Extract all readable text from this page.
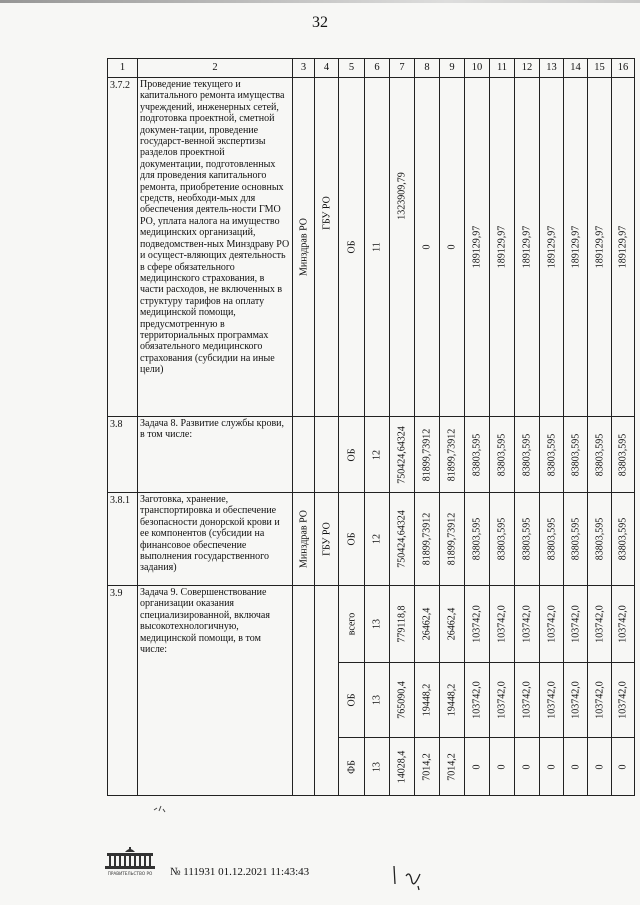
32
1	2	3	4	5	6	7	8	9	10	11	12	13	14	15	16
3.7.2	Проведение текущего и капитального ремонта имущества учреждений, инженерных сетей, подготовка проектной, сметной докумен-тации, проведение государст-венной экспертизы разделов проектной документации, подготовленных для проведения капитального ремонта, приобретение основных средств, необходи-мых для обеспечения деятель-ности ГМО РО, уплата налога на имущество медицинских организаций, подведомствен-ных Минздраву РО и осущест-вляющих деятельность в сфере обязательного медицинского страхования, в части расходов, не включенных в структуру тарифов на оплату медицинской помощи, предусмотренную в территориальных программах обязательного медицинского страхования (субсидии на иные цели)	Минздрав РО	ГБУ РО	ОБ	11	1323909,79	0	0	189129,97	189129,97	189129,97	189129,97	189129,97	189129,97	189129,97

3.8	Задача 8. Развитие службы крови, в том числе:			ОБ	12	750424,64324	81899,73912	81899,73912	83803,595	83803,595	83803,595	83803,595	83803,595	83803,595	83803,595

3.8.1	Заготовка, хранение, транспортировка и обеспечение безопасности донорской крови и ее компонентов (субсидии на финансовое обеспечение выполнения государственного задания)	Минздрав РО	ГБУ РО	ОБ	12	750424,64324	81899,73912	81899,73912	83803,595	83803,595	83803,595	83803,595	83803,595	83803,595	83803,595

3.9	Задача 9. Совершенствование организации оказания специализированной, включая высокотехнологичную, медицинской помощи, в том числе:			всего	13	779118,8	26462,4	26462,4	103742,0	103742,0	103742,0	103742,0	103742,0	103742,0	103742,0

				ОБ	13	765090,4	19448,2	19448,2	103742,0	103742,0	103742,0	103742,0	103742,0	103742,0	103742,0

				ФБ	13	14028,4	7014,2	7014,2	0	0	0	0	0	0	0
ПРАВИТЕЛЬСТВО РО № 111931 01.12.2021 11:43:43
